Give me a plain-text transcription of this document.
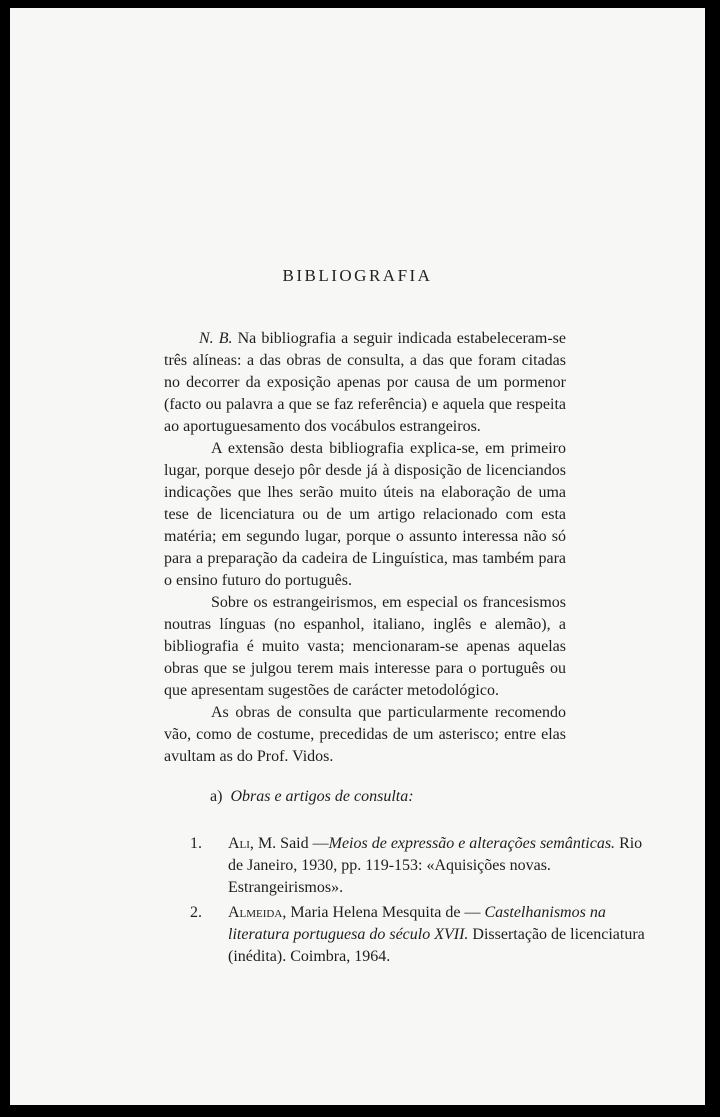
BIBLIOGRAFIA

N. B. Na bibliografia a seguir indicada estabeleceram-se três alíneas: a das obras de consulta, a das que foram citadas no decorrer da exposição apenas por causa de um pormenor (facto ou palavra a que se faz referência) e aquela que respeita ao aportuguesamento dos vocábulos estrangeiros.

A extensão desta bibliografia explica-se, em primeiro lugar, porque desejo pôr desde já à disposição de licenciandos indicações que lhes serão muito úteis na elaboração de uma tese de licenciatura ou de um artigo relacionado com esta matéria; em segundo lugar, porque o assunto interessa não só para a preparação da cadeira de Linguística, mas também para o ensino futuro do português.

Sobre os estrangeirismos, em especial os francesismos noutras línguas (no espanhol, italiano, inglês e alemão), a bibliografia é muito vasta; mencionaram-se apenas aquelas obras que se julgou terem mais interesse para o português ou que apresentam sugestões de carácter metodológico.

As obras de consulta que particularmente recomendo vão, como de costume, precedidas de um asterisco; entre elas avultam as do Prof. Vidos.

a) Obras e artigos de consulta:
1. Ali, M. Said —Meios de expressão e alterações semânticas. Rio de Janeiro, 1930, pp. 119-153: «Aquisições novas. Estrangeirismos».
2. Almeida, Maria Helena Mesquita de — Castelhanismos na literatura portuguesa do século XVII. Dissertação de licenciatura (inédita). Coimbra, 1964.
